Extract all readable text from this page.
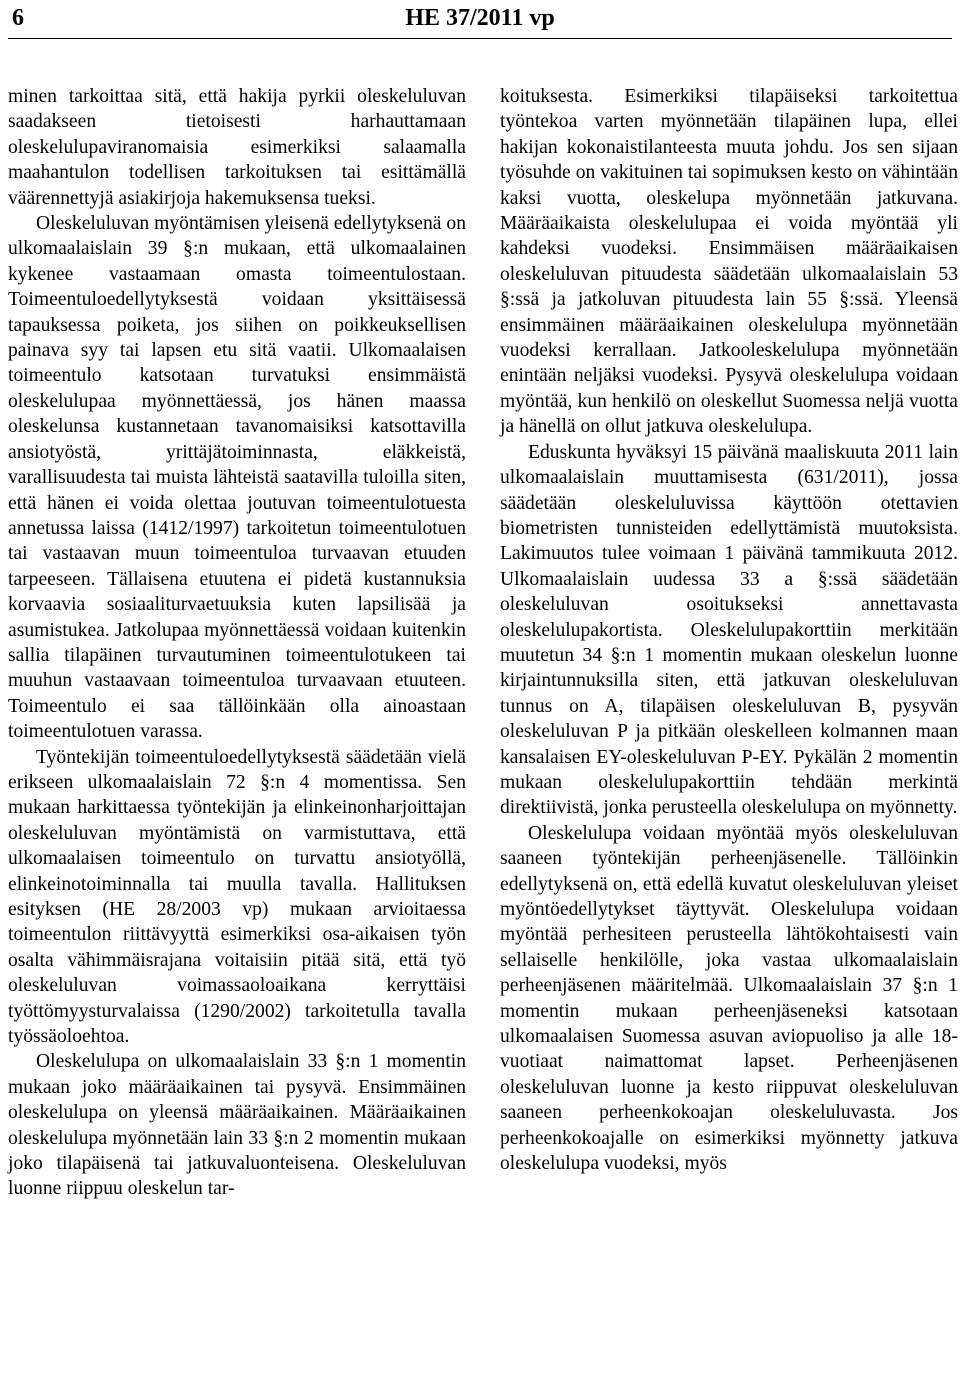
6	HE 37/2011 vp

minen tarkoittaa sitä, että hakija pyrkii oleskeluluvan saadakseen tietoisesti harhauttamaan oleskelulupaviranomaisia esimerkiksi salaamalla maahantulon todellisen tarkoituksen tai esittämällä väärennettyjä asiakirjoja hakemuksensa tueksi.

Oleskeluluvan myöntämisen yleisenä edellytyksenä on ulkomaalaislain 39 §:n mukaan, että ulkomaalainen kykenee vastaamaan omasta toimeentulostaan. Toimeentuloedellytyksestä voidaan yksittäisessä tapauksessa poiketa, jos siihen on poikkeuksellisen painava syy tai lapsen etu sitä vaatii. Ulkomaalaisen toimeentulo katsotaan turvatuksi ensimmäistä oleskelulupaa myönnettäessä, jos hänen maassa oleskelunsa kustannetaan tavanomaisiksi katsottavilla ansiotyöstä, yrittäjätoiminnasta, eläkkeistä, varallisuudesta tai muista lähteistä saatavilla tuloilla siten, että hänen ei voida olettaa joutuvan toimeentulotuesta annetussa laissa (1412/1997) tarkoitetun toimeentulotuen tai vastaavan muun toimeentuloa turvaavan etuuden tarpeeseen. Tällaisena etuutena ei pidetä kustannuksia korvaavia sosiaaliturvaetuuksia kuten lapsilisää ja asumistukea. Jatkolupaa myönnettäessä voidaan kuitenkin sallia tilapäinen turvautuminen toimeentulotukeen tai muuhun vastaavaan toimeentuloa turvaavaan etuuteen. Toimeentulo ei saa tällöinkään olla ainoastaan toimeentulotuen varassa.

Työntekijän toimeentuloedellytyksestä säädetään vielä erikseen ulkomaalaislain 72 §:n 4 momentissa. Sen mukaan harkittaessa työntekijän ja elinkeinonharjoittajan oleskeluluvan myöntämistä on varmistuttava, että ulkomaalaisen toimeentulo on turvattu ansiotyöllä, elinkeinotoiminnalla tai muulla tavalla. Hallituksen esityksen (HE 28/2003 vp) mukaan arvioitaessa toimeentulon riittävyyttä esimerkiksi osa-aikaisen työn osalta vähimmäisrajana voitaisiin pitää sitä, että työ oleskeluluvan voimassaoloaikana kerryttäisi työttömyysturvalaissa (1290/2002) tarkoitetulla tavalla työssäoloehtoa.

Oleskelulupa on ulkomaalaislain 33 §:n 1 momentin mukaan joko määräaikainen tai pysyvä. Ensimmäinen oleskelulupa on yleensä määräaikainen. Määräaikainen oleskelulupa myönnetään lain 33 §:n 2 momentin mukaan joko tilapäisenä tai jatkuvaluonteisena. Oleskeluluvan luonne riippuu oleskelun tar-

koituksesta. Esimerkiksi tilapäiseksi tarkoitettua työntekoa varten myönnetään tilapäinen lupa, ellei hakijan kokonaistilanteesta muuta johdu. Jos sen sijaan työsuhde on vakituinen tai sopimuksen kesto on vähintään kaksi vuotta, oleskelupa myönnetään jatkuvana. Määräaikaista oleskelulupaa ei voida myöntää yli kahdeksi vuodeksi. Ensimmäisen määräaikaisen oleskeluluvan pituudesta säädetään ulkomaalaislain 53 §:ssä ja jatkoluvan pituudesta lain 55 §:ssä. Yleensä ensimmäinen määräaikainen oleskelulupa myönnetään vuodeksi kerrallaan. Jatkooleskelulupa myönnetään enintään neljäksi vuodeksi. Pysyvä oleskelulupa voidaan myöntää, kun henkilö on oleskellut Suomessa neljä vuotta ja hänellä on ollut jatkuva oleskelulupa.

Eduskunta hyväksyi 15 päivänä maaliskuuta 2011 lain ulkomaalaislain muuttamisesta (631/2011), jossa säädetään oleskeluluvissa käyttöön otettavien biometristen tunnisteiden edellyttämistä muutoksista. Lakimuutos tulee voimaan 1 päivänä tammikuuta 2012. Ulkomaalaislain uudessa 33 a §:ssä säädetään oleskeluluvan osoitukseksi annettavasta oleskelulupakortista. Oleskelulupakorttiin merkitään muutetun 34 §:n 1 momentin mukaan oleskelun luonne kirjaintunnuksilla siten, että jatkuvan oleskeluluvan tunnus on A, tilapäisen oleskeluluvan B, pysyvän oleskeluluvan P ja pitkään oleskelleen kolmannen maan kansalaisen EY-oleskeluluvan P-EY. Pykälän 2 momentin mukaan oleskelulupakorttiin tehdään merkintä direktiivistä, jonka perusteella oleskelulupa on myönnetty.

Oleskelulupa voidaan myöntää myös oleskeluluvan saaneen työntekijän perheenjäsenelle. Tällöinkin edellytyksenä on, että edellä kuvatut oleskeluluvan yleiset myöntöedellytykset täyttyvät. Oleskelulupa voidaan myöntää perhesiteen perusteella lähtökohtaisesti vain sellaiselle henkilölle, joka vastaa ulkomaalaislain perheenjäsenen määritelmää. Ulkomaalaislain 37 §:n 1 momentin mukaan perheenjäseneksi katsotaan ulkomaalaisen Suomessa asuvan aviopuoliso ja alle 18-vuotiaat naimattomat lapset. Perheenjäsenen oleskeluluvan luonne ja kesto riippuvat oleskeluluvan saaneen perheenkokoajan oleskeluluvasta. Jos perheenkokoajalle on esimerkiksi myönnetty jatkuva oleskelulupa vuodeksi, myös
